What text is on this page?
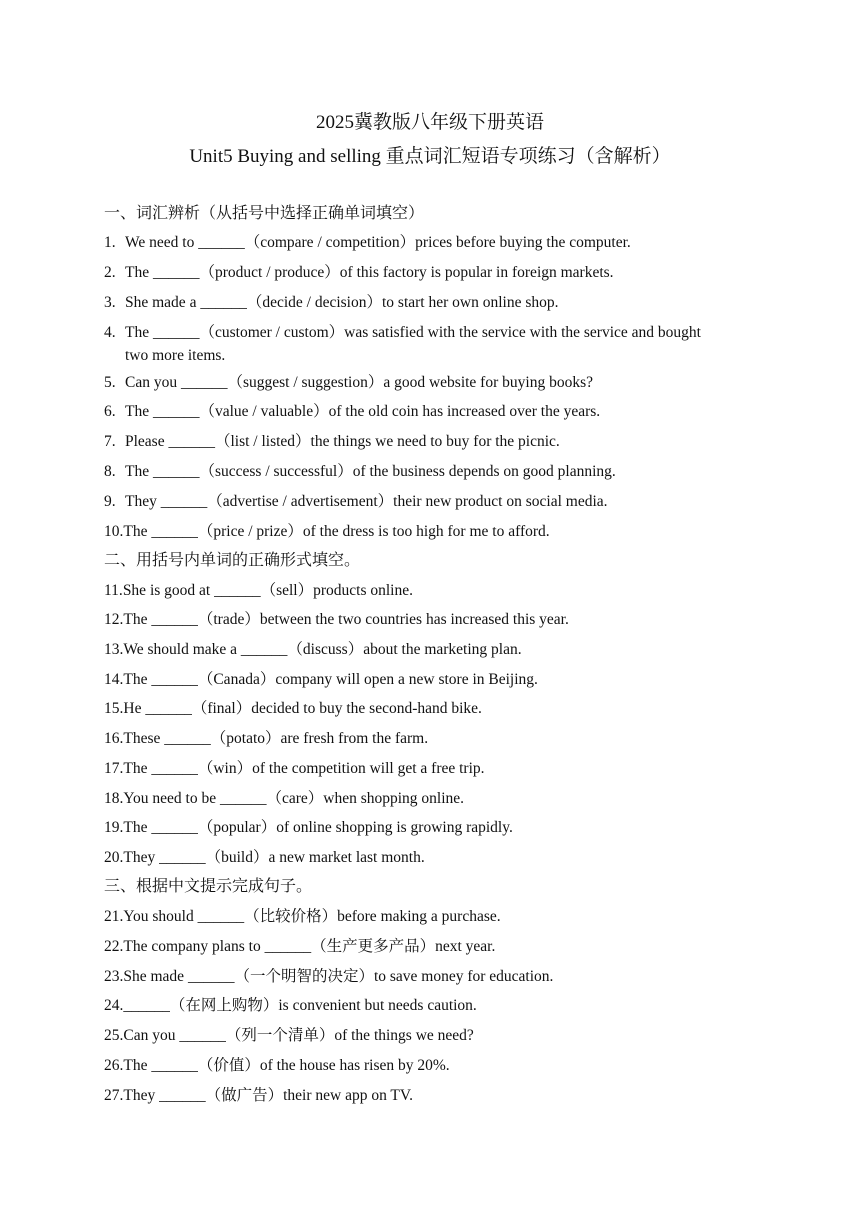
2025冀教版八年级下册英语
Unit5 Buying and selling 重点词汇短语专项练习（含解析）
一、词汇辨析（从括号中选择正确单词填空）
1. We need to ______（compare / competition）prices before buying the computer.
2. The ______（product / produce）of this factory is popular in foreign markets.
3. She made a ______（decide / decision）to start her own online shop.
4. The ______（customer / custom）was satisfied with the service with the service and bought two more items.
5. Can you ______（suggest / suggestion）a good website for buying books?
6. The ______（value / valuable）of the old coin has increased over the years.
7. Please ______（list / listed）the things we need to buy for the picnic.
8. The ______（success / successful）of the business depends on good planning.
9. They ______（advertise / advertisement）their new product on social media.
10.The ______（price / prize）of the dress is too high for me to afford.
二、用括号内单词的正确形式填空。
11.She is good at ______（sell）products online.
12.The ______（trade）between the two countries has increased this year.
13.We should make a ______（discuss）about the marketing plan.
14.The ______（Canada）company will open a new store in Beijing.
15.He ______（final）decided to buy the second-hand bike.
16.These ______（potato）are fresh from the farm.
17.The ______（win）of the competition will get a free trip.
18.You need to be ______（care）when shopping online.
19.The ______（popular）of online shopping is growing rapidly.
20.They ______（build）a new market last month.
三、根据中文提示完成句子。
21.You should ______（比较价格）before making a purchase.
22.The company plans to ______（生产更多产品）next year.
23.She made ______（一个明智的决定）to save money for education.
24.______（在网上购物）is convenient but needs caution.
25.Can you ______（列一个清单）of the things we need?
26.The ______（价值）of the house has risen by 20%.
27.They ______（做广告）their new app on TV.
